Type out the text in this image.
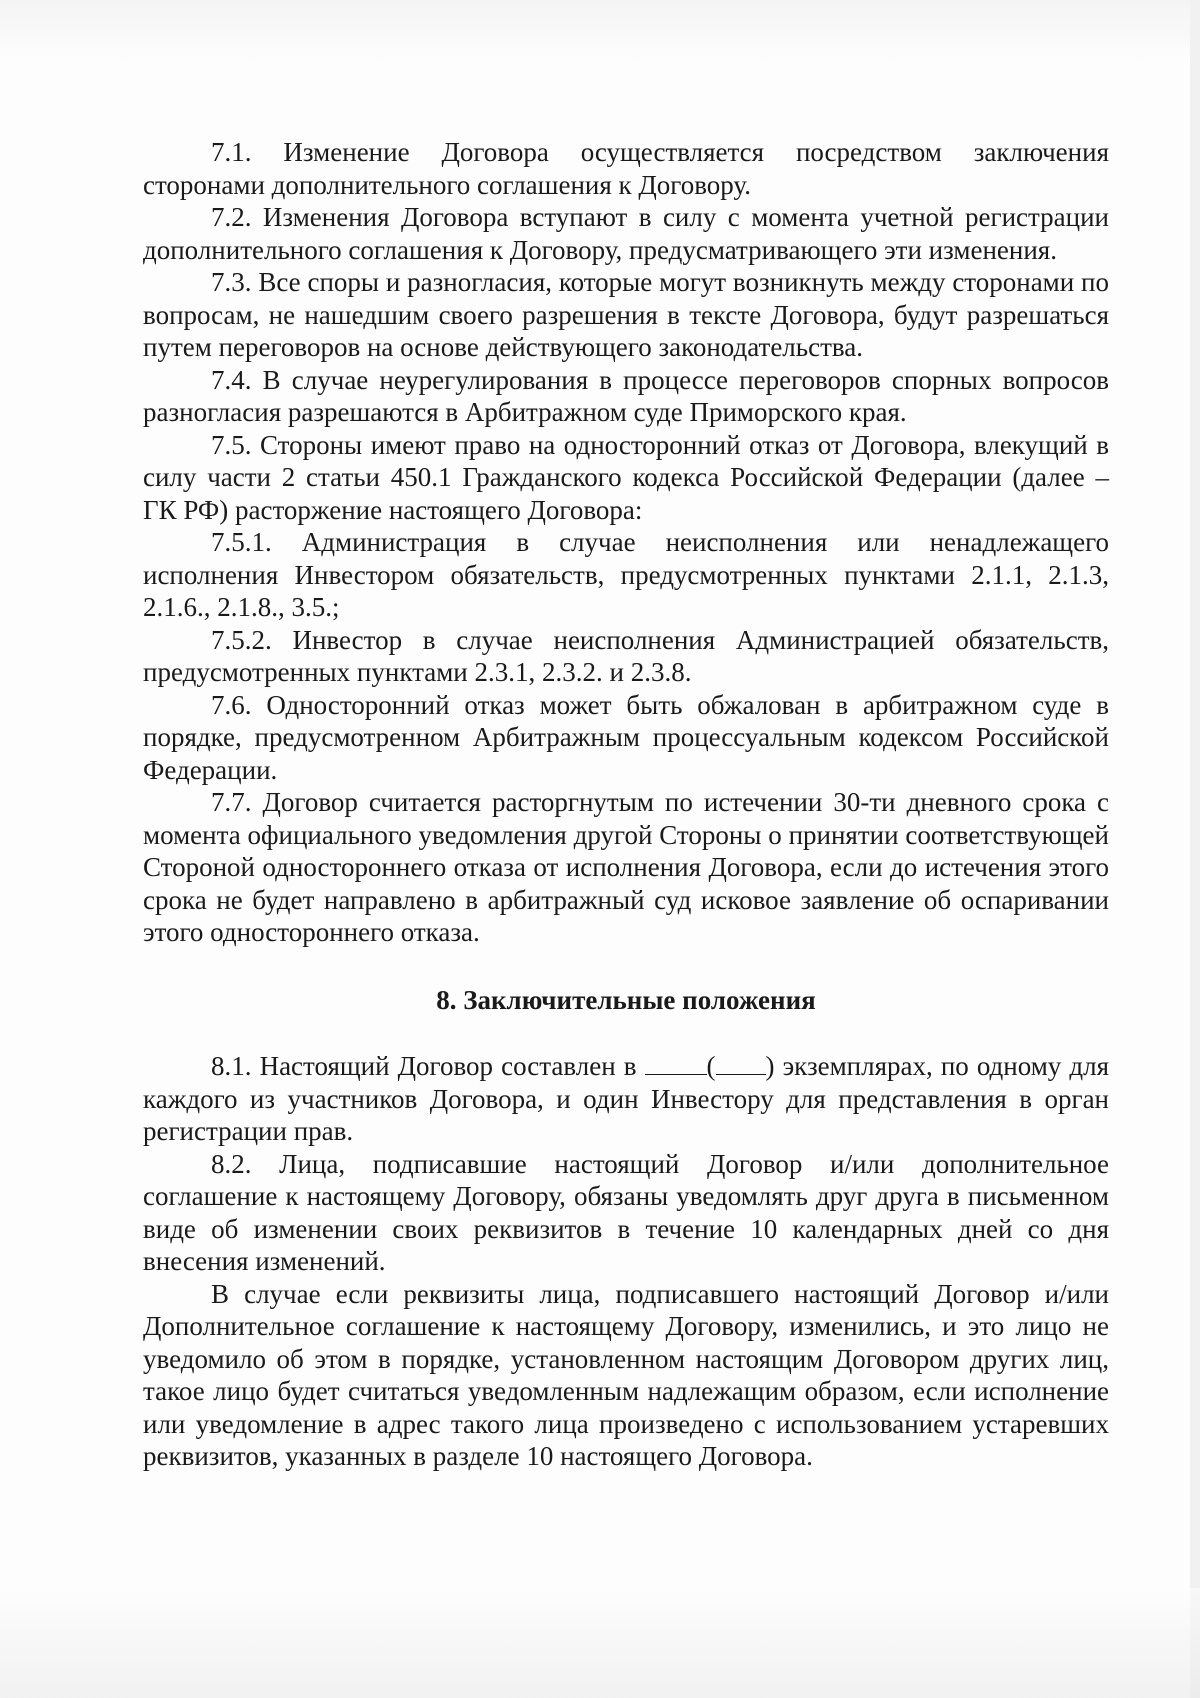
7.1. Изменение Договора осуществляется посредством заключения сторонами дополнительного соглашения к Договору.

7.2. Изменения Договора вступают в силу с момента учетной регистрации дополнительного соглашения к Договору, предусматривающего эти изменения.

7.3. Все споры и разногласия, которые могут возникнуть между сторонами по вопросам, не нашедшим своего разрешения в тексте Договора, будут разрешаться путем переговоров на основе действующего законодательства.

7.4. В случае неурегулирования в процессе переговоров спорных вопросов разногласия разрешаются в Арбитражном суде Приморского края.

7.5. Стороны имеют право на односторонний отказ от Договора, влекущий в силу части 2 статьи 450.1 Гражданского кодекса Российской Федерации (далее – ГК РФ) расторжение настоящего Договора:

7.5.1. Администрация в случае неисполнения или ненадлежащего исполнения Инвестором обязательств, предусмотренных пунктами 2.1.1, 2.1.3, 2.1.6., 2.1.8., 3.5.;

7.5.2. Инвестор в случае неисполнения Администрацией обязательств, предусмотренных пунктами 2.3.1, 2.3.2. и 2.3.8.

7.6. Односторонний отказ может быть обжалован в арбитражном суде в порядке, предусмотренном Арбитражным процессуальным кодексом Российской Федерации.

7.7. Договор считается расторгнутым по истечении 30-ти дневного срока с момента официального уведомления другой Стороны о принятии соответствующей Стороной одностороннего отказа от исполнения Договора, если до истечения этого срока не будет направлено в арбитражный суд исковое заявление об оспаривании этого одностороннего отказа.

8. Заключительные положения

8.1. Настоящий Договор составлен в ( ) экземплярах, по одному для каждого из участников Договора, и один Инвестору для представления в орган регистрации прав.

8.2. Лица, подписавшие настоящий Договор и/или дополнительное соглашение к настоящему Договору, обязаны уведомлять друг друга в письменном виде об изменении своих реквизитов в течение 10 календарных дней со дня внесения изменений.

В случае если реквизиты лица, подписавшего настоящий Договор и/или Дополнительное соглашение к настоящему Договору, изменились, и это лицо не уведомило об этом в порядке, установленном настоящим Договором других лиц, такое лицо будет считаться уведомленным надлежащим образом, если исполнение или уведомление в адрес такого лица произведено с использованием устаревших реквизитов, указанных в разделе 10 настоящего Договора.
